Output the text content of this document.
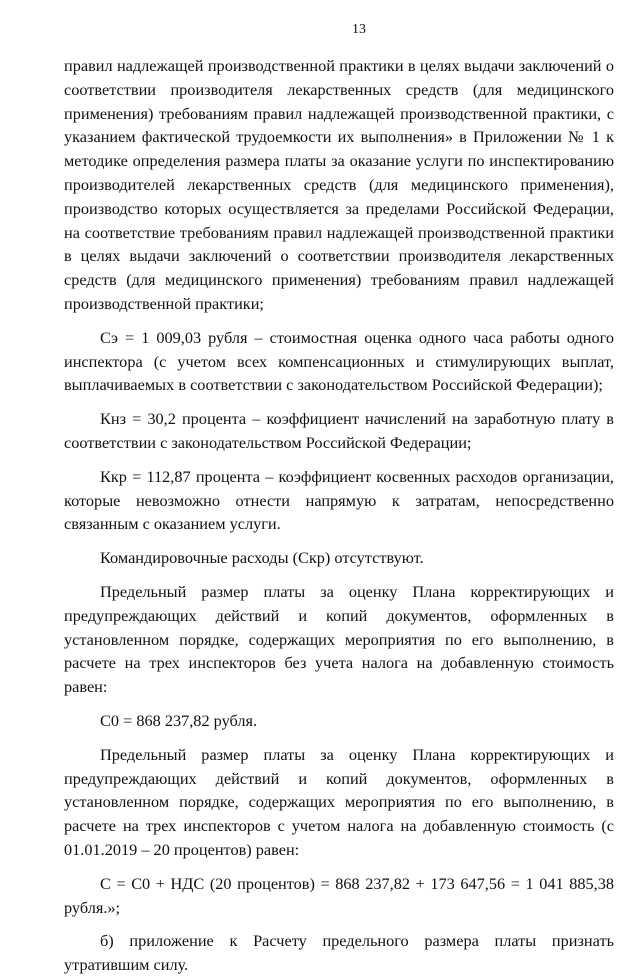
13

правил надлежащей производственной практики в целях выдачи заключений о соответствии производителя лекарственных средств (для медицинского применения) требованиям правил надлежащей производственной практики, с указанием фактической трудоемкости их выполнения» в Приложении № 1 к методике определения размера платы за оказание услуги по инспектированию производителей лекарственных средств (для медицинского применения), производство которых осуществляется за пределами Российской Федерации, на соответствие требованиям правил надлежащей производственной практики в целях выдачи заключений о соответствии производителя лекарственных средств (для медицинского применения) требованиям правил надлежащей производственной практики;

Сэ = 1 009,03 рубля – стоимостная оценка одного часа работы одного инспектора (с учетом всех компенсационных и стимулирующих выплат, выплачиваемых в соответствии с законодательством Российской Федерации);

Кнз = 30,2 процента – коэффициент начислений на заработную плату в соответствии с законодательством Российской Федерации;

Ккр = 112,87 процента – коэффициент косвенных расходов организации, которые невозможно отнести напрямую к затратам, непосредственно связанным с оказанием услуги.

Командировочные расходы (Скр) отсутствуют.

Предельный размер платы за оценку Плана корректирующих и предупреждающих действий и копий документов, оформленных в установленном порядке, содержащих мероприятия по его выполнению, в расчете на трех инспекторов без учета налога на добавленную стоимость равен:

С0 = 868 237,82 рубля.

Предельный размер платы за оценку Плана корректирующих и предупреждающих действий и копий документов, оформленных в установленном порядке, содержащих мероприятия по его выполнению, в расчете на трех инспекторов с учетом налога на добавленную стоимость (с 01.01.2019 – 20 процентов) равен:

С = С0 + НДС (20 процентов) = 868 237,82 + 173 647,56 = 1 041 885,38 рубля.»;

б) приложение к Расчету предельного размера платы признать утратившим силу.
